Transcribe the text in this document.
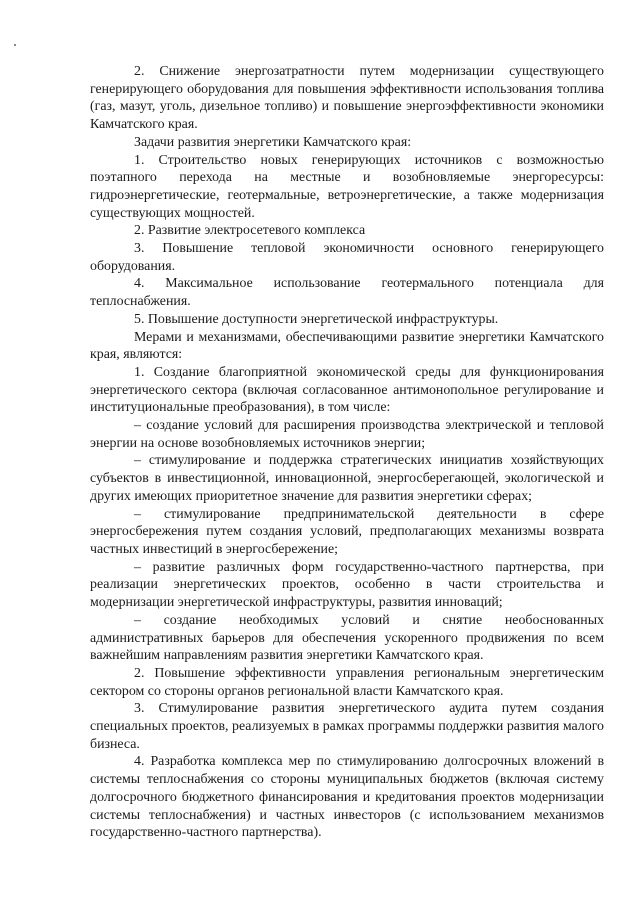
2. Снижение энергозатратности путем модернизации существующего генерирующего оборудования для повышения эффективности использования топлива (газ, мазут, уголь, дизельное топливо) и повышение энергоэффективности экономики Камчатского края.

Задачи развития энергетики Камчатского края:

1. Строительство новых генерирующих источников с возможностью поэтапного перехода на местные и возобновляемые энергоресурсы: гидроэнергетические, геотермальные, ветроэнергетические, а также модернизация существующих мощностей.

2. Развитие электросетевого комплекса

3. Повышение тепловой экономичности основного генерирующего оборудования.

4. Максимальное использование геотермального потенциала для теплоснабжения.

5. Повышение доступности энергетической инфраструктуры.

Мерами и механизмами, обеспечивающими развитие энергетики Камчатского края, являются:

1. Создание благоприятной экономической среды для функционирования энергетического сектора (включая согласованное антимонопольное регулирование и институциональные преобразования), в том числе:

– создание условий для расширения производства электрической и тепловой энергии на основе возобновляемых источников энергии;

– стимулирование и поддержка стратегических инициатив хозяйствующих субъектов в инвестиционной, инновационной, энергосберегающей, экологической и других имеющих приоритетное значение для развития энергетики сферах;

– стимулирование предпринимательской деятельности в сфере энергосбережения путем создания условий, предполагающих механизмы возврата частных инвестиций в энергосбережение;

– развитие различных форм государственно-частного партнерства, при реализации энергетических проектов, особенно в части строительства и модернизации энергетической инфраструктуры, развития инноваций;

– создание необходимых условий и снятие необоснованных административных барьеров для обеспечения ускоренного продвижения по всем важнейшим направлениям развития энергетики Камчатского края.

2. Повышение эффективности управления региональным энергетическим сектором со стороны органов региональной власти Камчатского края.

3. Стимулирование развития энергетического аудита путем создания специальных проектов, реализуемых в рамках программы поддержки развития малого бизнеса.

4. Разработка комплекса мер по стимулированию долгосрочных вложений в системы теплоснабжения со стороны муниципальных бюджетов (включая систему долгосрочного бюджетного финансирования и кредитования проектов модернизации системы теплоснабжения) и частных инвесторов (с использованием механизмов государственно-частного партнерства).
